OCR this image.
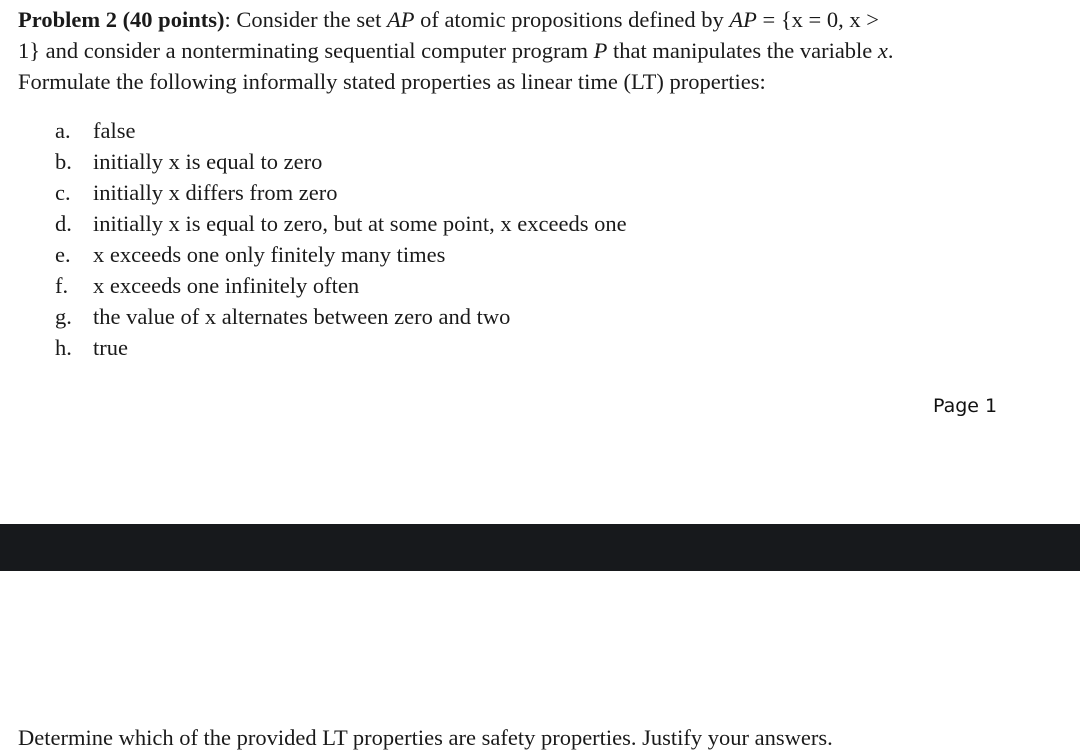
Problem 2 (40 points): Consider the set AP of atomic propositions defined by AP = {x = 0, x >
1} and consider a nonterminating sequential computer program P that manipulates the variable x.
Formulate the following informally stated properties as linear time (LT) properties:
a. false
b. initially x is equal to zero
c. initially x differs from zero
d. initially x is equal to zero, but at some point, x exceeds one
e. x exceeds one only finitely many times
f. x exceeds one infinitely often
g. the value of x alternates between zero and two
h. true
Page 1
Determine which of the provided LT properties are safety properties. Justify your answers.
